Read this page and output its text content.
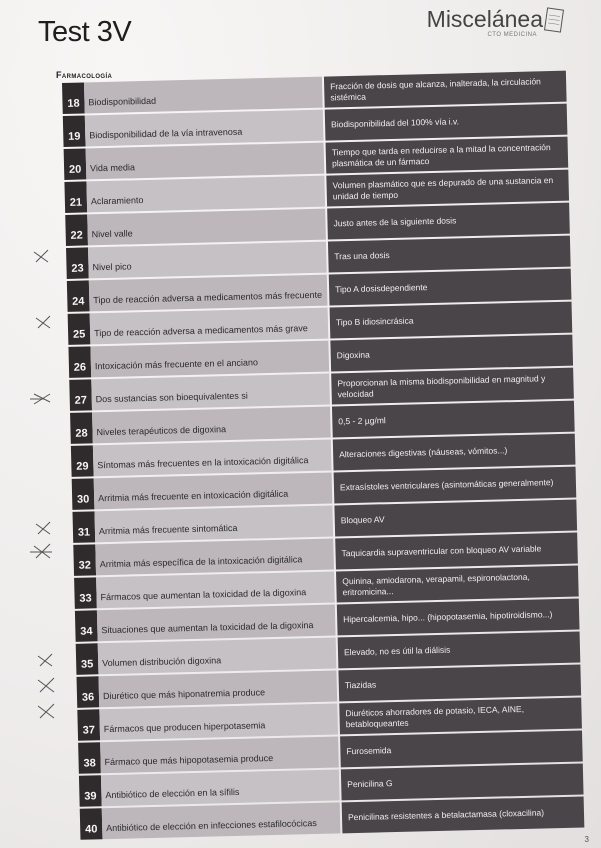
Test 3V	Miscelánea
CTO MEDICINA
Farmacología
18 Biodisponibilidad
Fracción de dosis que alcanza, inalterada, la circulación sistémica
19 Biodisponibilidad de la vía intravenosa
Biodisponibilidad del 100% vía i.v.
20 Vida media
Tiempo que tarda en reducirse a la mitad la concentración plasmática de un fármaco
21 Aclaramiento
Volumen plasmático que es depurado de una sustancia en unidad de tiempo
22 Nivel valle
Justo antes de la siguiente dosis
23 Nivel pico
Tras una dosis
24 Tipo de reacción adversa a medicamentos más frecuente
Tipo A dosisdependiente
25 Tipo de reacción adversa a medicamentos más grave
Tipo B idiosincrásica
26 Intoxicación más frecuente en el anciano
Digoxina
27 Dos sustancias son bioequivalentes si
Proporcionan la misma biodisponibilidad en magnitud y velocidad
28 Niveles terapéuticos de digoxina
0,5 - 2 µg/ml
29 Síntomas más frecuentes en la intoxicación digitálica
Alteraciones digestivas (náuseas, vómitos...)
30 Arritmia más frecuente en intoxicación digitálica
Extrasístoles ventriculares (asintomáticas generalmente)
31 Arritmia más frecuente sintomática
Bloqueo AV
32 Arritmia más específica de la intoxicación digitálica
Taquicardia supraventricular con bloqueo AV variable
33 Fármacos que aumentan la toxicidad de la digoxina
Quinina, amiodarona, verapamil, espironolactona, eritromicina...
34 Situaciones que aumentan la toxicidad de la digoxina
Hipercalcemia, hipo... (hipopotasemia, hipotiroidismo...)
35 Volumen distribución digoxina
Elevado, no es útil la diálisis
36 Diurético que más hiponatremia produce
Tiazidas
37 Fármacos que producen hiperpotasemia
Diuréticos ahorradores de potasio, IECA, AINE, betabloqueantes
38 Fármaco que más hipopotasemia produce
Furosemida
39 Antibiótico de elección en la sífilis
Penicilina G
40 Antibiótico de elección en infecciones estafilocócicas
Penicilinas resistentes a betalactamasa (cloxacilina)
3
